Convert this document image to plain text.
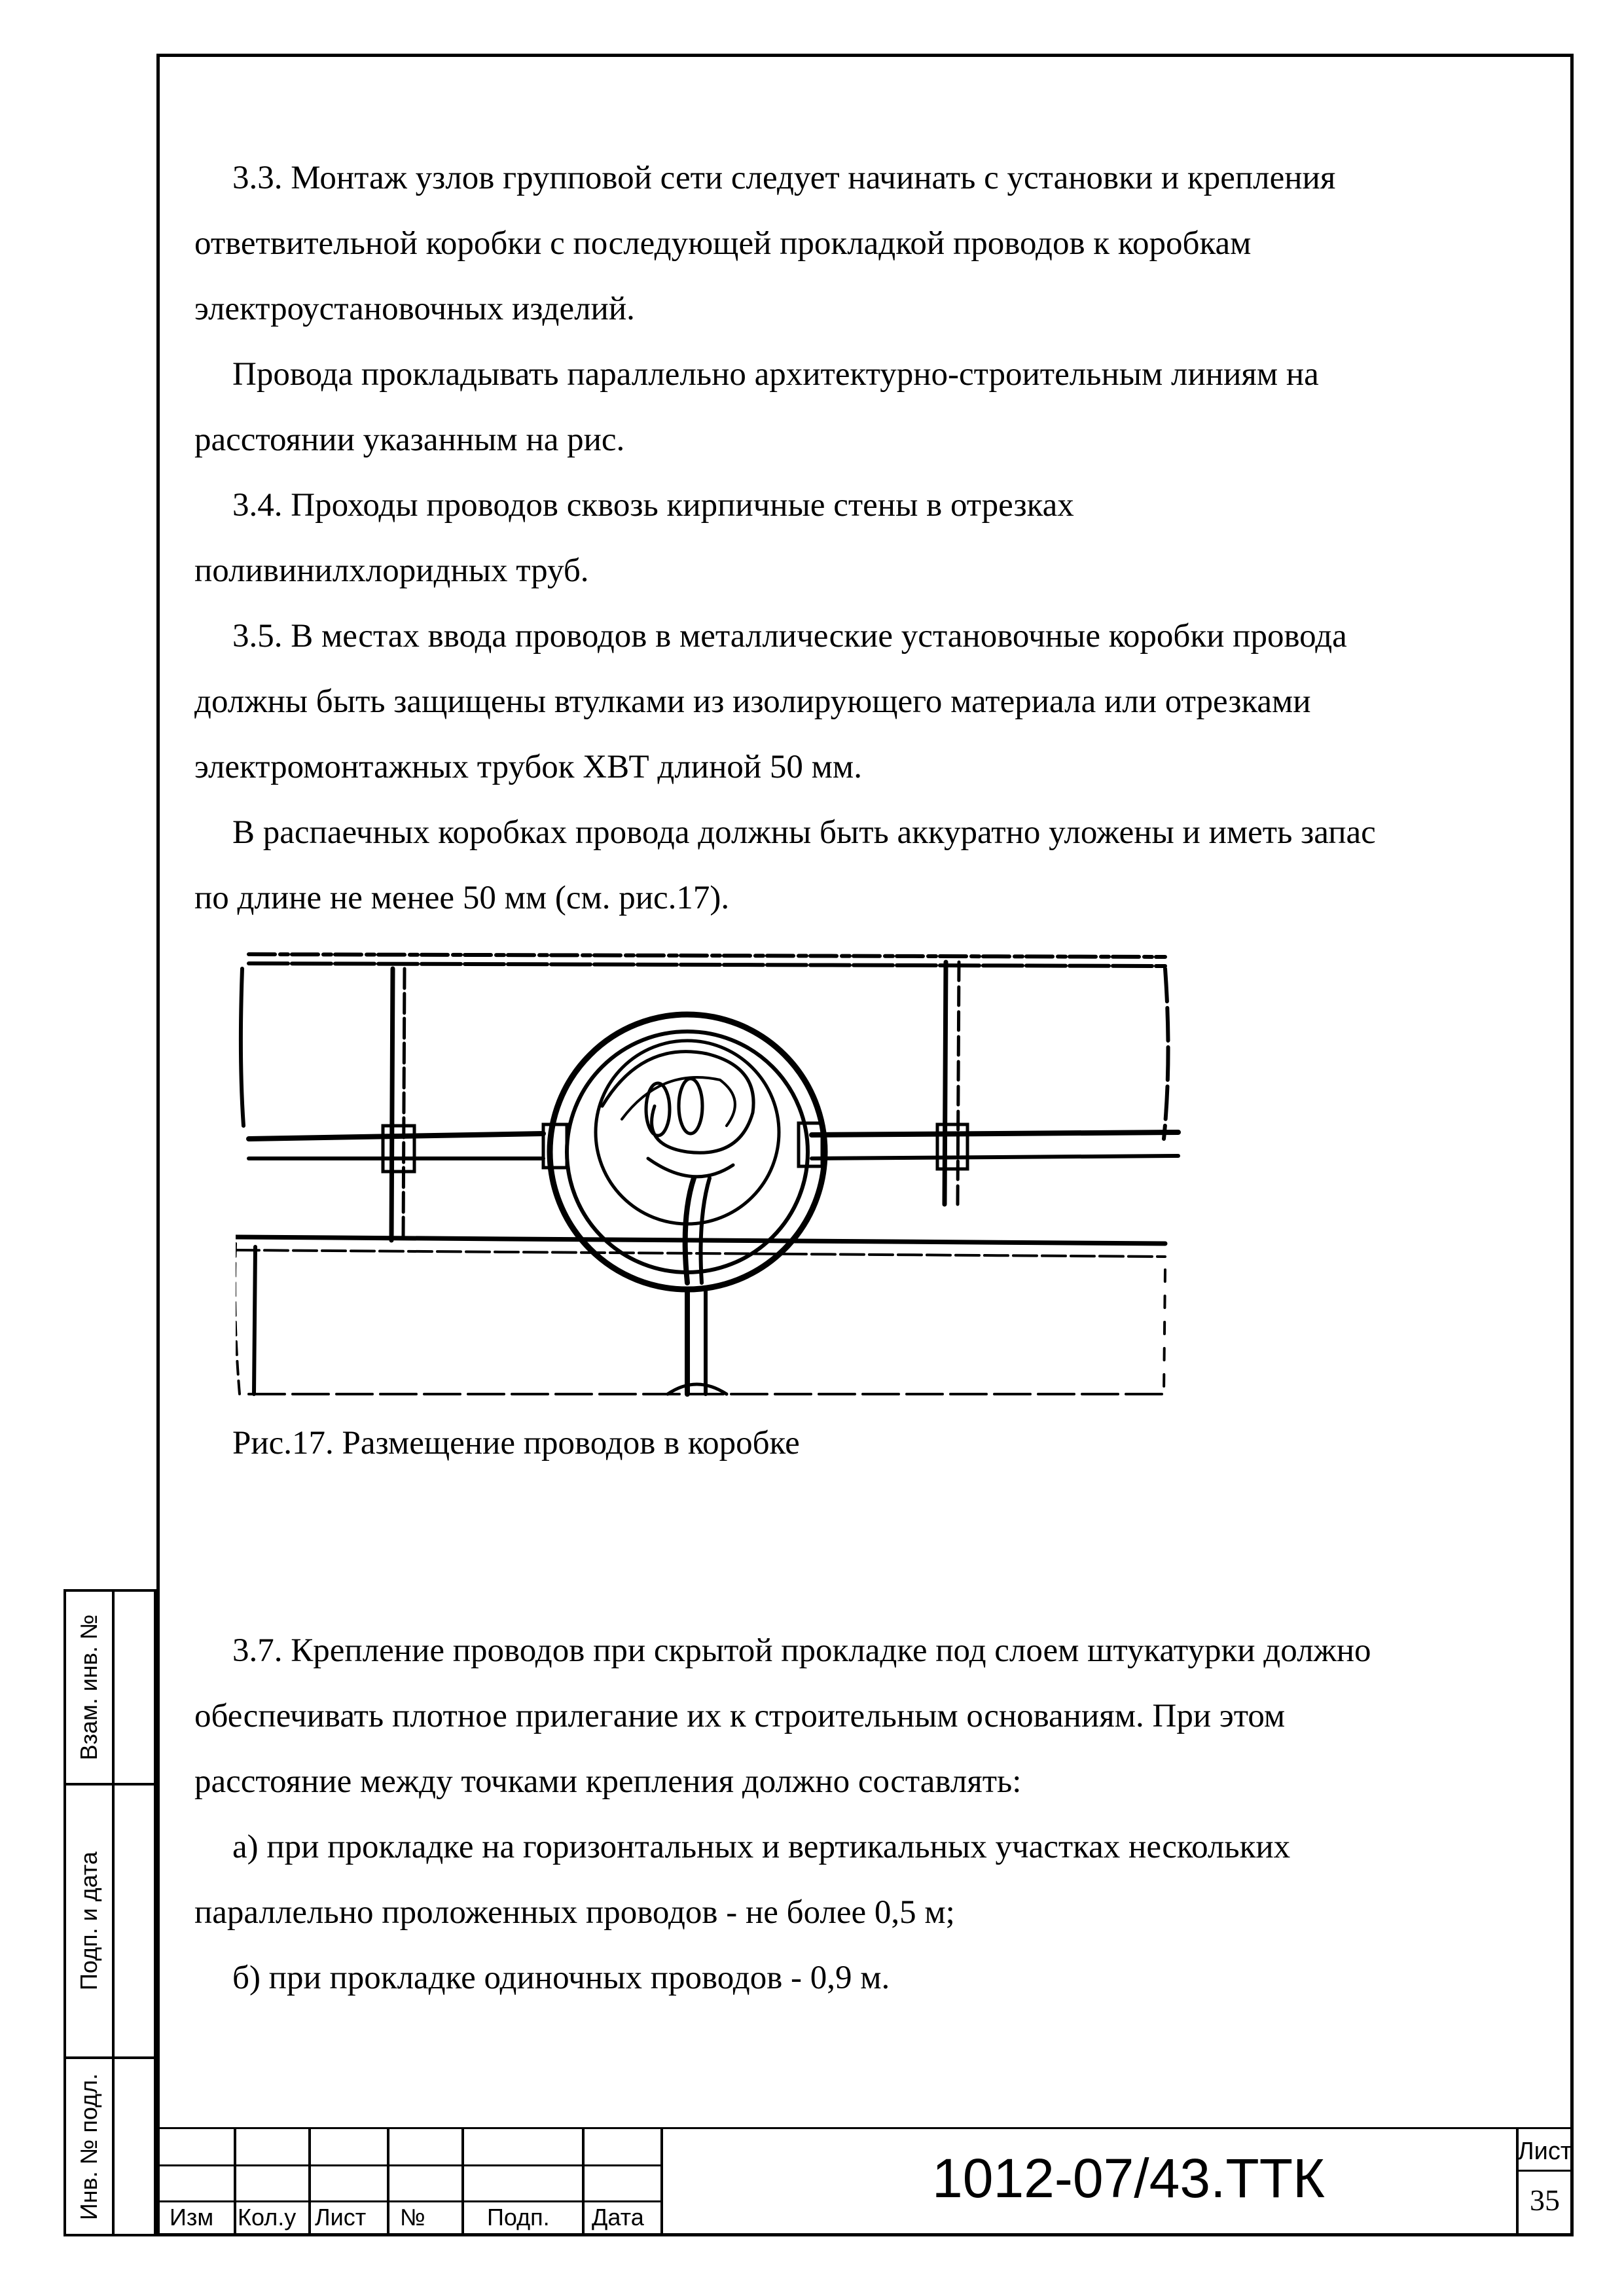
3.3. Монтаж узлов групповой сети следует начинать с установки и крепления
ответвительной коробки с последующей прокладкой проводов к коробкам
электроустановочных изделий.
Провода прокладывать параллельно архитектурно-строительным линиям на
расстоянии указанным на рис.
3.4. Проходы проводов сквозь кирпичные стены в отрезках
поливинилхлоридных труб.
3.5. В местах ввода проводов в металлические установочные коробки провода
должны быть защищены втулками из изолирующего материала или отрезками
электромонтажных трубок ХВТ длиной 50 мм.
В распаечных коробках провода должны быть аккуратно уложены и иметь запас
по длине не менее 50 мм (см. рис.17).
Рис.17. Размещение проводов в коробке
3.7. Крепление проводов при скрытой прокладке под слоем штукатурки должно
обеспечивать плотное прилегание их к строительным основаниям. При этом
расстояние между точками крепления должно составлять:
а) при прокладке на горизонтальных и вертикальных участках нескольких
параллельно проложенных проводов - не более 0,5 м;
б) при прокладке одиночных проводов - 0,9 м.
Взам. инв. №
Подп. и дата
Инв. № подл.	Изм Кол.у Лист №	Подп. Дата
1012-07/43.ТТК	Лист
35
